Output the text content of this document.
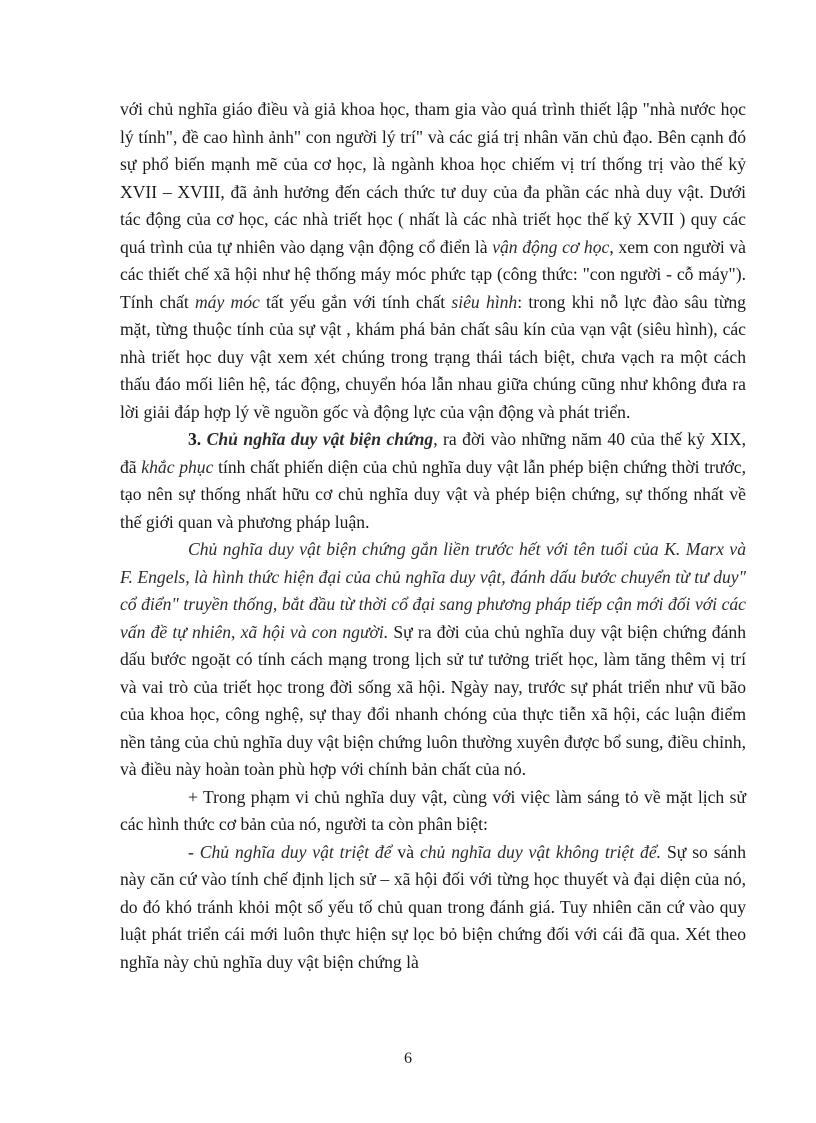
với chủ nghĩa giáo điều và giả khoa học, tham gia vào quá trình thiết lập "nhà nước học lý tính", đề cao hình ảnh" con người lý trí" và các giá trị nhân văn chủ đạo. Bên cạnh đó sự phổ biến mạnh mẽ của cơ học, là ngành khoa học chiếm vị trí thống trị vào thế kỷ XVII – XVIII, đã ảnh hưởng đến cách thức tư duy của đa phần các nhà duy vật. Dưới tác động của cơ học, các nhà triết học ( nhất là các nhà triết học thế kỷ XVII ) quy các quá trình của tự nhiên vào dạng vận động cổ điển là vận động cơ học, xem con người và các thiết chế xã hội như hệ thống máy móc phức tạp (công thức: "con người - cỗ máy"). Tính chất máy móc tất yếu gắn với tính chất siêu hình: trong khi nỗ lực đào sâu từng mặt, từng thuộc tính của sự vật , khám phá bản chất sâu kín của vạn vật (siêu hình), các nhà triết học duy vật xem xét chúng trong trạng thái tách biệt, chưa vạch ra một cách thấu đáo mối liên hệ, tác động, chuyển hóa lẫn nhau giữa chúng cũng như không đưa ra lời giải đáp hợp lý về nguồn gốc và động lực của vận động và phát triển.

3. Chủ nghĩa duy vật biện chứng, ra đời vào những năm 40 của thế kỷ XIX, đã khắc phục tính chất phiến diện của chủ nghĩa duy vật lẫn phép biện chứng thời trước, tạo nên sự thống nhất hữu cơ chủ nghĩa duy vật và phép biện chứng, sự thống nhất về thế giới quan và phương pháp luận.

Chủ nghĩa duy vật biện chứng gắn liền trước hết với tên tuổi của K. Marx và F. Engels, là hình thức hiện đại của chủ nghĩa duy vật, đánh dấu bước chuyển từ tư duy" cổ điển" truyền thống, bắt đầu từ thời cổ đại sang phương pháp tiếp cận mới đối với các vấn đề tự nhiên, xã hội và con người. Sự ra đời của chủ nghĩa duy vật biện chứng đánh dấu bước ngoặt có tính cách mạng trong lịch sử tư tưởng triết học, làm tăng thêm vị trí và vai trò của triết học trong đời sống xã hội. Ngày nay, trước sự phát triển như vũ bão của khoa học, công nghệ, sự thay đổi nhanh chóng của thực tiễn xã hội, các luận điểm nền tảng của chủ nghĩa duy vật biện chứng luôn thường xuyên được bổ sung, điều chỉnh, và điều này hoàn toàn phù hợp với chính bản chất của nó.

+ Trong phạm vi chủ nghĩa duy vật, cùng với việc làm sáng tỏ về mặt lịch sử các hình thức cơ bản của nó, người ta còn phân biệt:

- Chủ nghĩa duy vật triệt để và chủ nghĩa duy vật không triệt để. Sự so sánh này căn cứ vào tính chế định lịch sử – xã hội đối với từng học thuyết và đại diện của nó, do đó khó tránh khỏi một số yếu tố chủ quan trong đánh giá. Tuy nhiên căn cứ vào quy luật phát triển cái mới luôn thực hiện sự lọc bỏ biện chứng đối với cái đã qua. Xét theo nghĩa này chủ nghĩa duy vật biện chứng là

6
